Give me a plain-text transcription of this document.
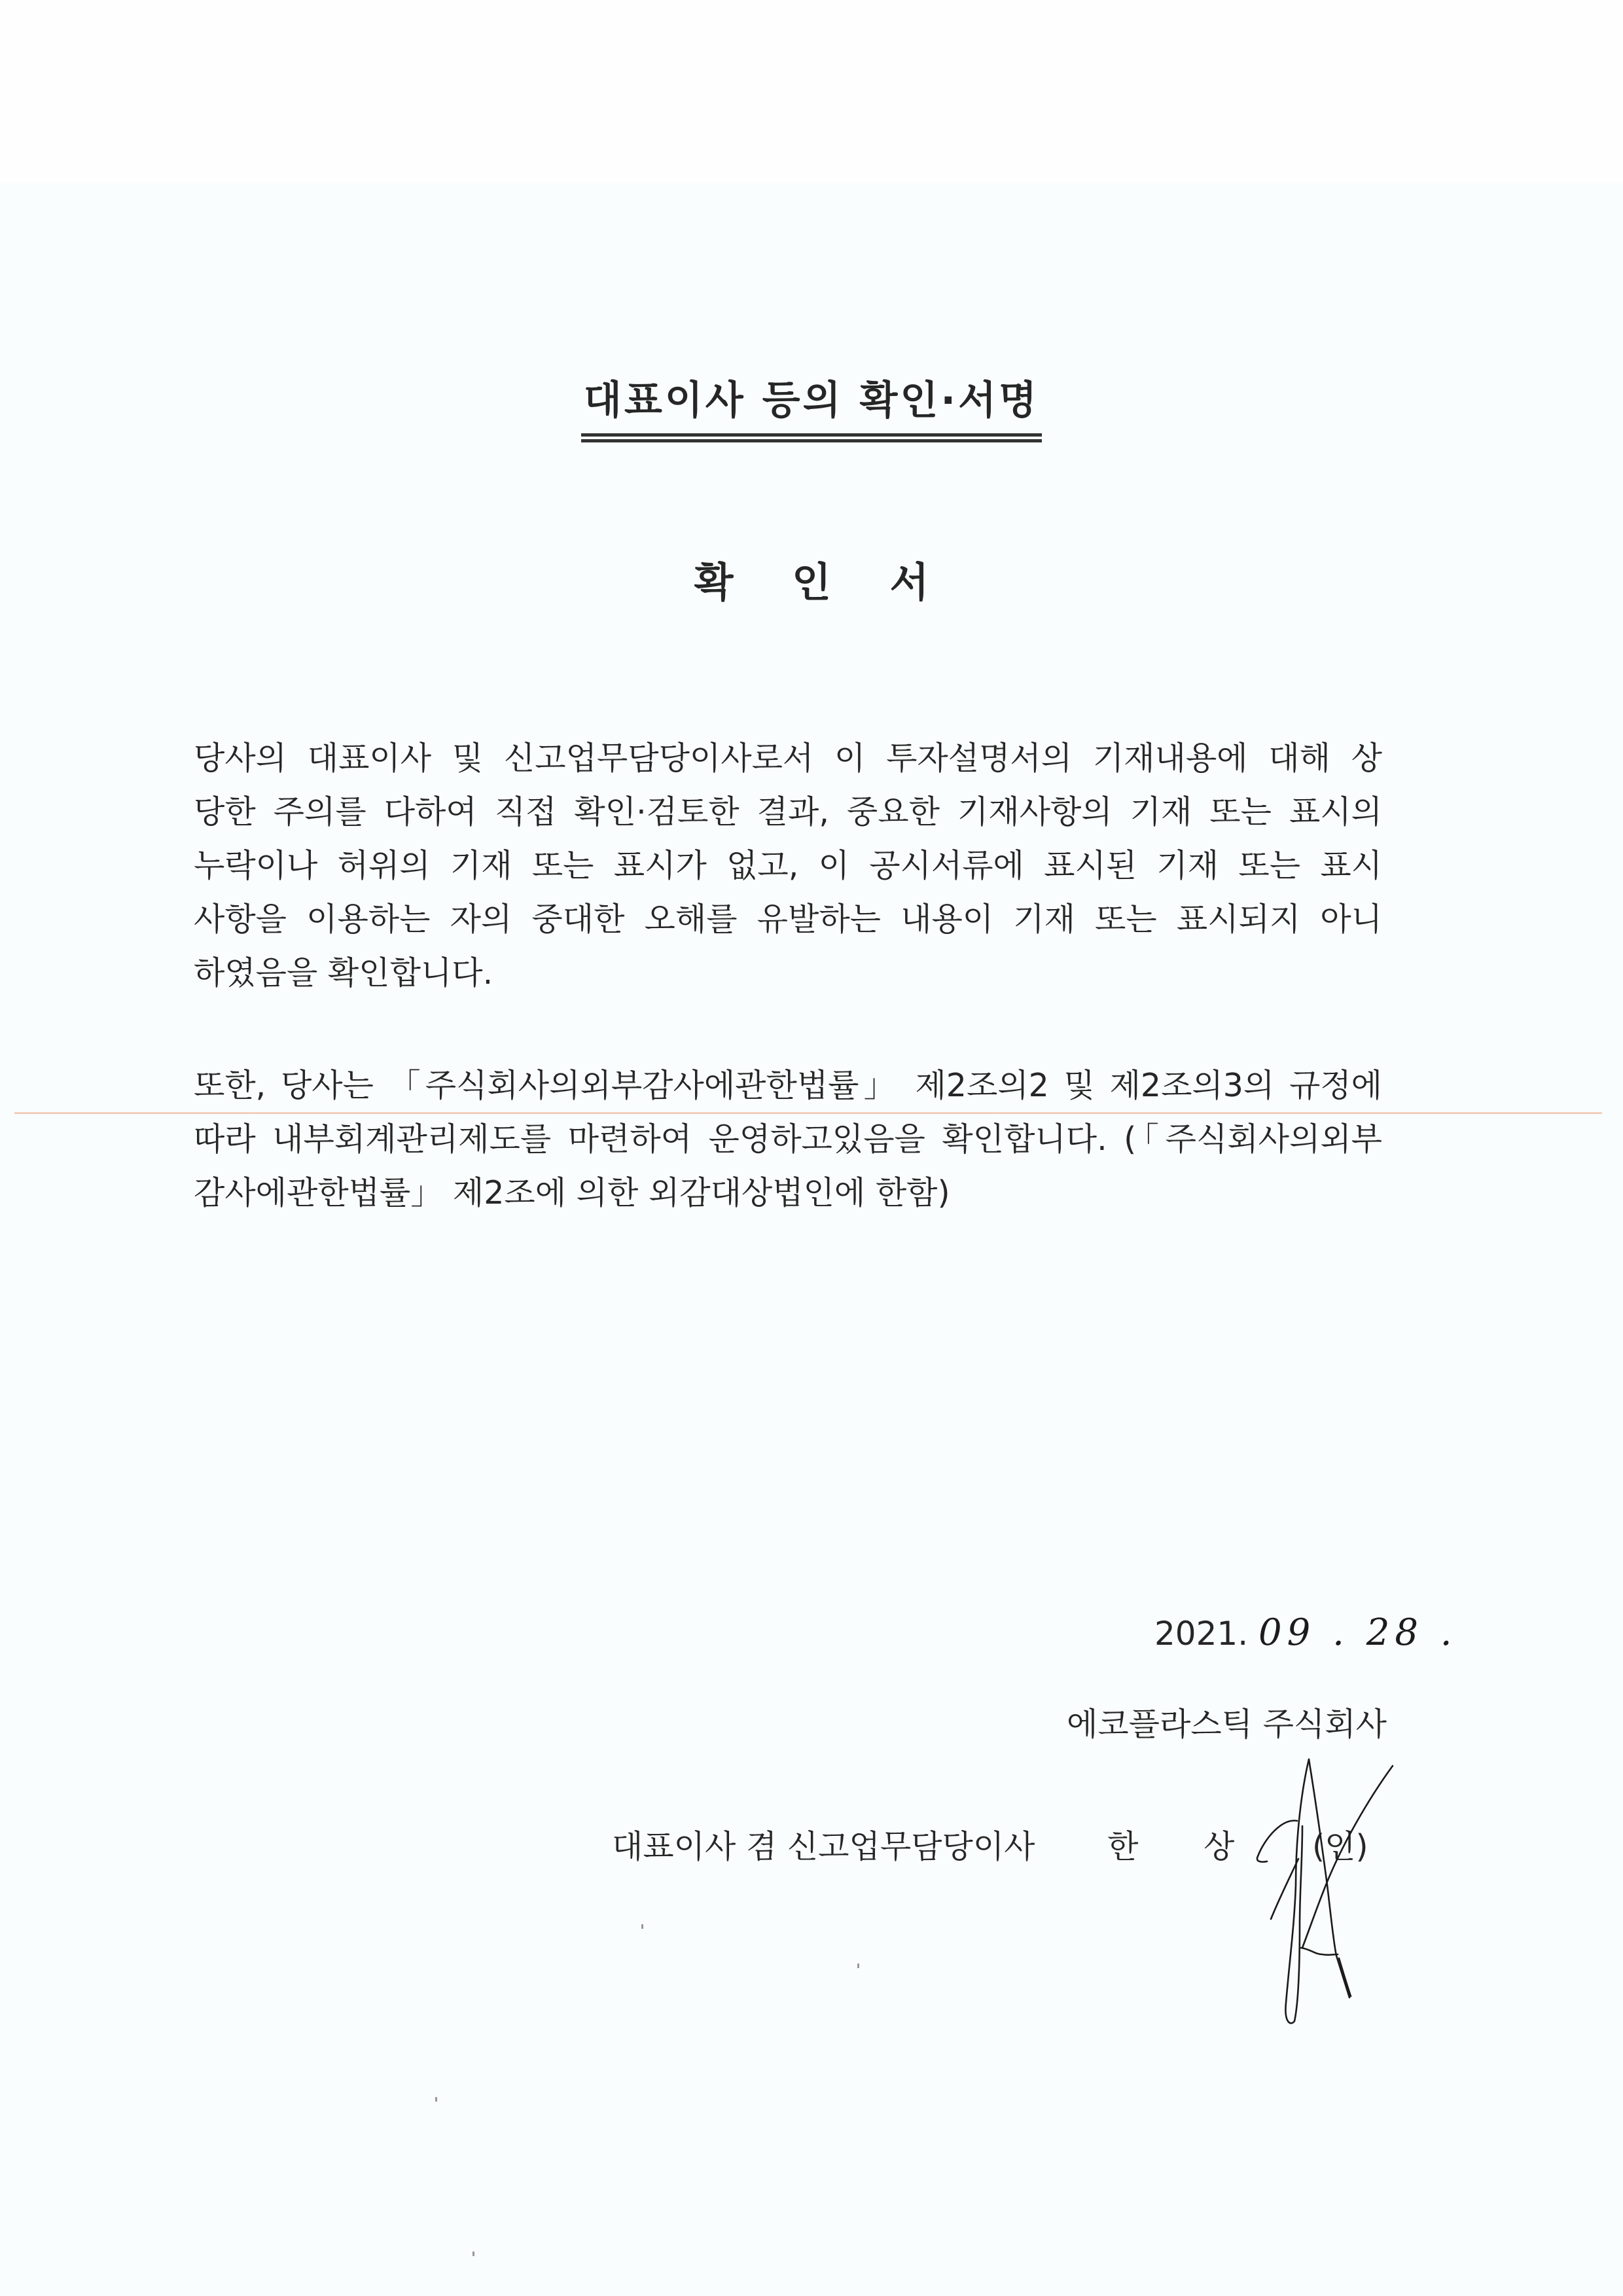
대표이사 등의 확인·서명
확 인 서
당사의 대표이사 및 신고업무담당이사로서 이 투자설명서의 기재내용에 대해 상
당한 주의를 다하여 직접 확인·검토한 결과, 중요한 기재사항의 기재 또는 표시의
누락이나 허위의 기재 또는 표시가 없고, 이 공시서류에 표시된 기재 또는 표시
사항을 이용하는 자의 중대한 오해를 유발하는 내용이 기재 또는 표시되지 아니
하였음을 확인합니다.
또한, 당사는 「주식회사의외부감사에관한법률」 제2조의2 및 제2조의3의 규정에
따라 내부회계관리제도를 마련하여 운영하고있음을 확인합니다. (「주식회사의외부
감사에관한법률」 제2조에 의한 외감대상법인에 한함)
2021. 09 . 28 .
에코플라스틱 주식회사
대표이사 겸 신고업무담당이사 한 상 (인)
